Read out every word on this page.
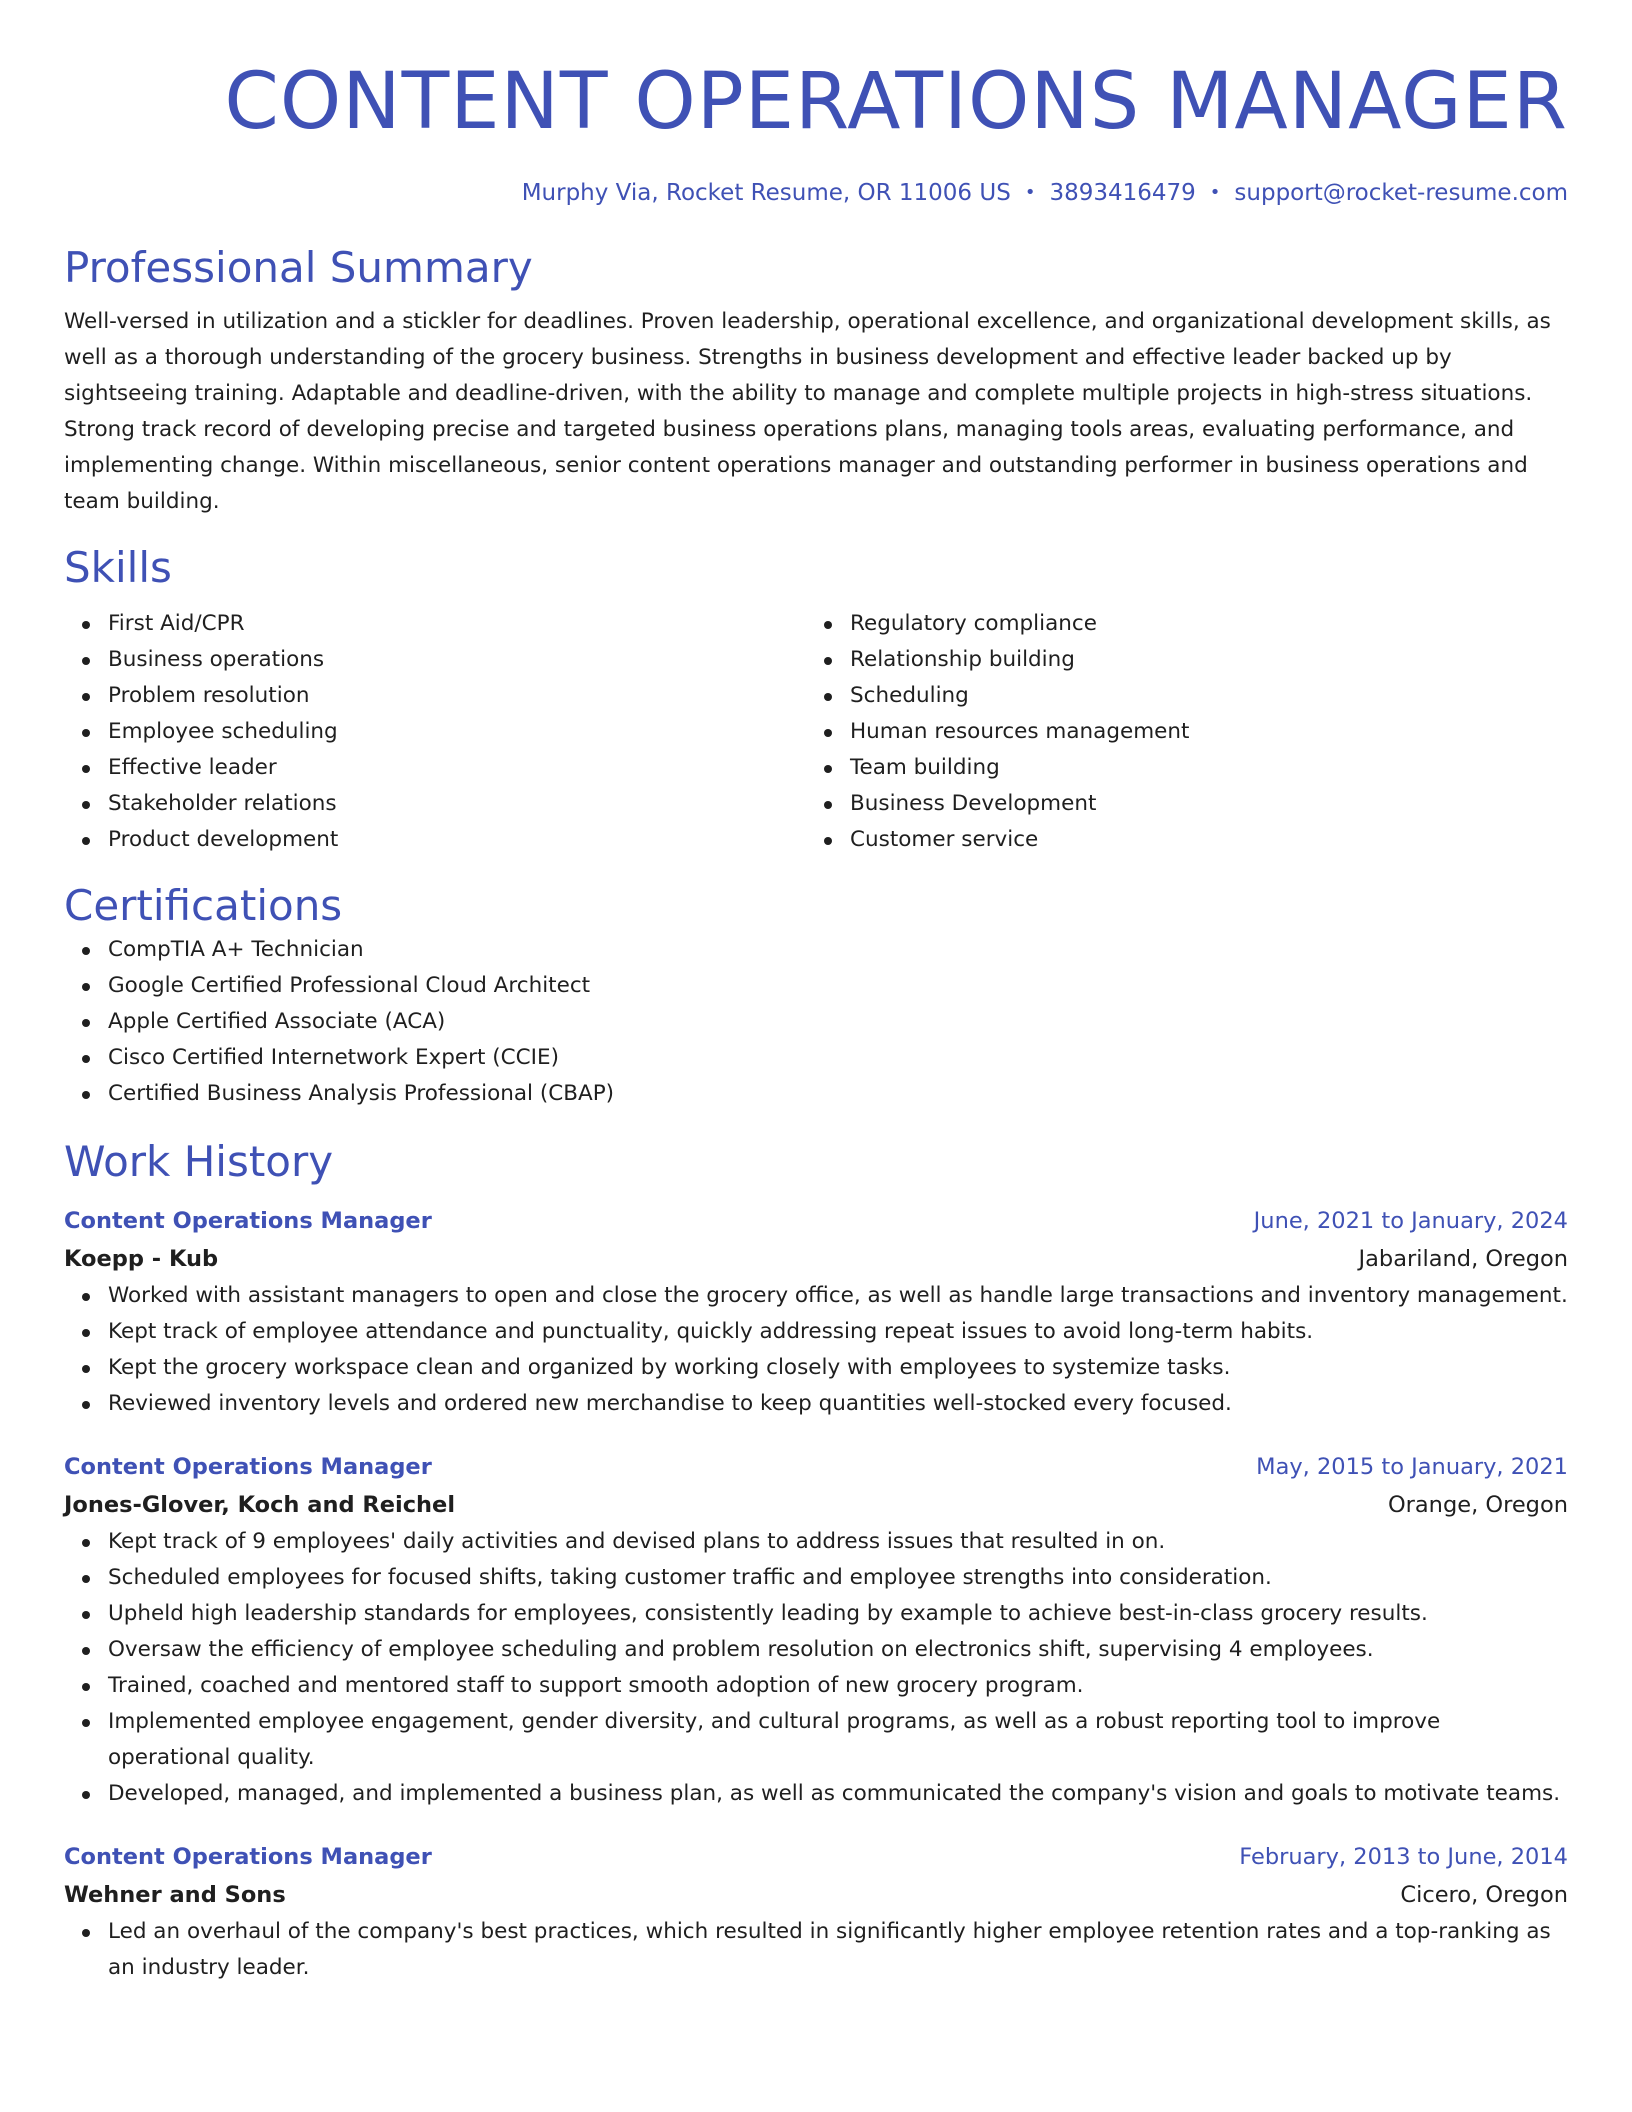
CONTENT OPERATIONS MANAGER
Murphy Via, Rocket Resume, OR 11006 US • 3893416479 • support@rocket-resume.com
Professional Summary
Well-versed in utilization and a stickler for deadlines. Proven leadership, operational excellence, and organizational development skills, as well as a thorough understanding of the grocery business. Strengths in business development and effective leader backed up by sightseeing training. Adaptable and deadline-driven, with the ability to manage and complete multiple projects in high-stress situations. Strong track record of developing precise and targeted business operations plans, managing tools areas, evaluating performance, and implementing change. Within miscellaneous, senior content operations manager and outstanding performer in business operations and team building.
Skills
First Aid/CPR
Business operations
Problem resolution
Employee scheduling
Effective leader
Stakeholder relations
Product development
Regulatory compliance
Relationship building
Scheduling
Human resources management
Team building
Business Development
Customer service
Certifications
CompTIA A+ Technician
Google Certified Professional Cloud Architect
Apple Certified Associate (ACA)
Cisco Certified Internetwork Expert (CCIE)
Certified Business Analysis Professional (CBAP)
Work History
Content Operations Manager	June, 2021 to January, 2024
Koepp - Kub	Jabariland, Oregon
Worked with assistant managers to open and close the grocery office, as well as handle large transactions and inventory management.
Kept track of employee attendance and punctuality, quickly addressing repeat issues to avoid long-term habits.
Kept the grocery workspace clean and organized by working closely with employees to systemize tasks.
Reviewed inventory levels and ordered new merchandise to keep quantities well-stocked every focused.
Content Operations Manager	May, 2015 to January, 2021
Jones-Glover, Koch and Reichel	Orange, Oregon
Kept track of 9 employees' daily activities and devised plans to address issues that resulted in on.
Scheduled employees for focused shifts, taking customer traffic and employee strengths into consideration.
Upheld high leadership standards for employees, consistently leading by example to achieve best-in-class grocery results.
Oversaw the efficiency of employee scheduling and problem resolution on electronics shift, supervising 4 employees.
Trained, coached and mentored staff to support smooth adoption of new grocery program.
Implemented employee engagement, gender diversity, and cultural programs, as well as a robust reporting tool to improve operational quality.
Developed, managed, and implemented a business plan, as well as communicated the company's vision and goals to motivate teams.
Content Operations Manager	February, 2013 to June, 2014
Wehner and Sons	Cicero, Oregon
Led an overhaul of the company's best practices, which resulted in significantly higher employee retention rates and a top-ranking as an industry leader.
